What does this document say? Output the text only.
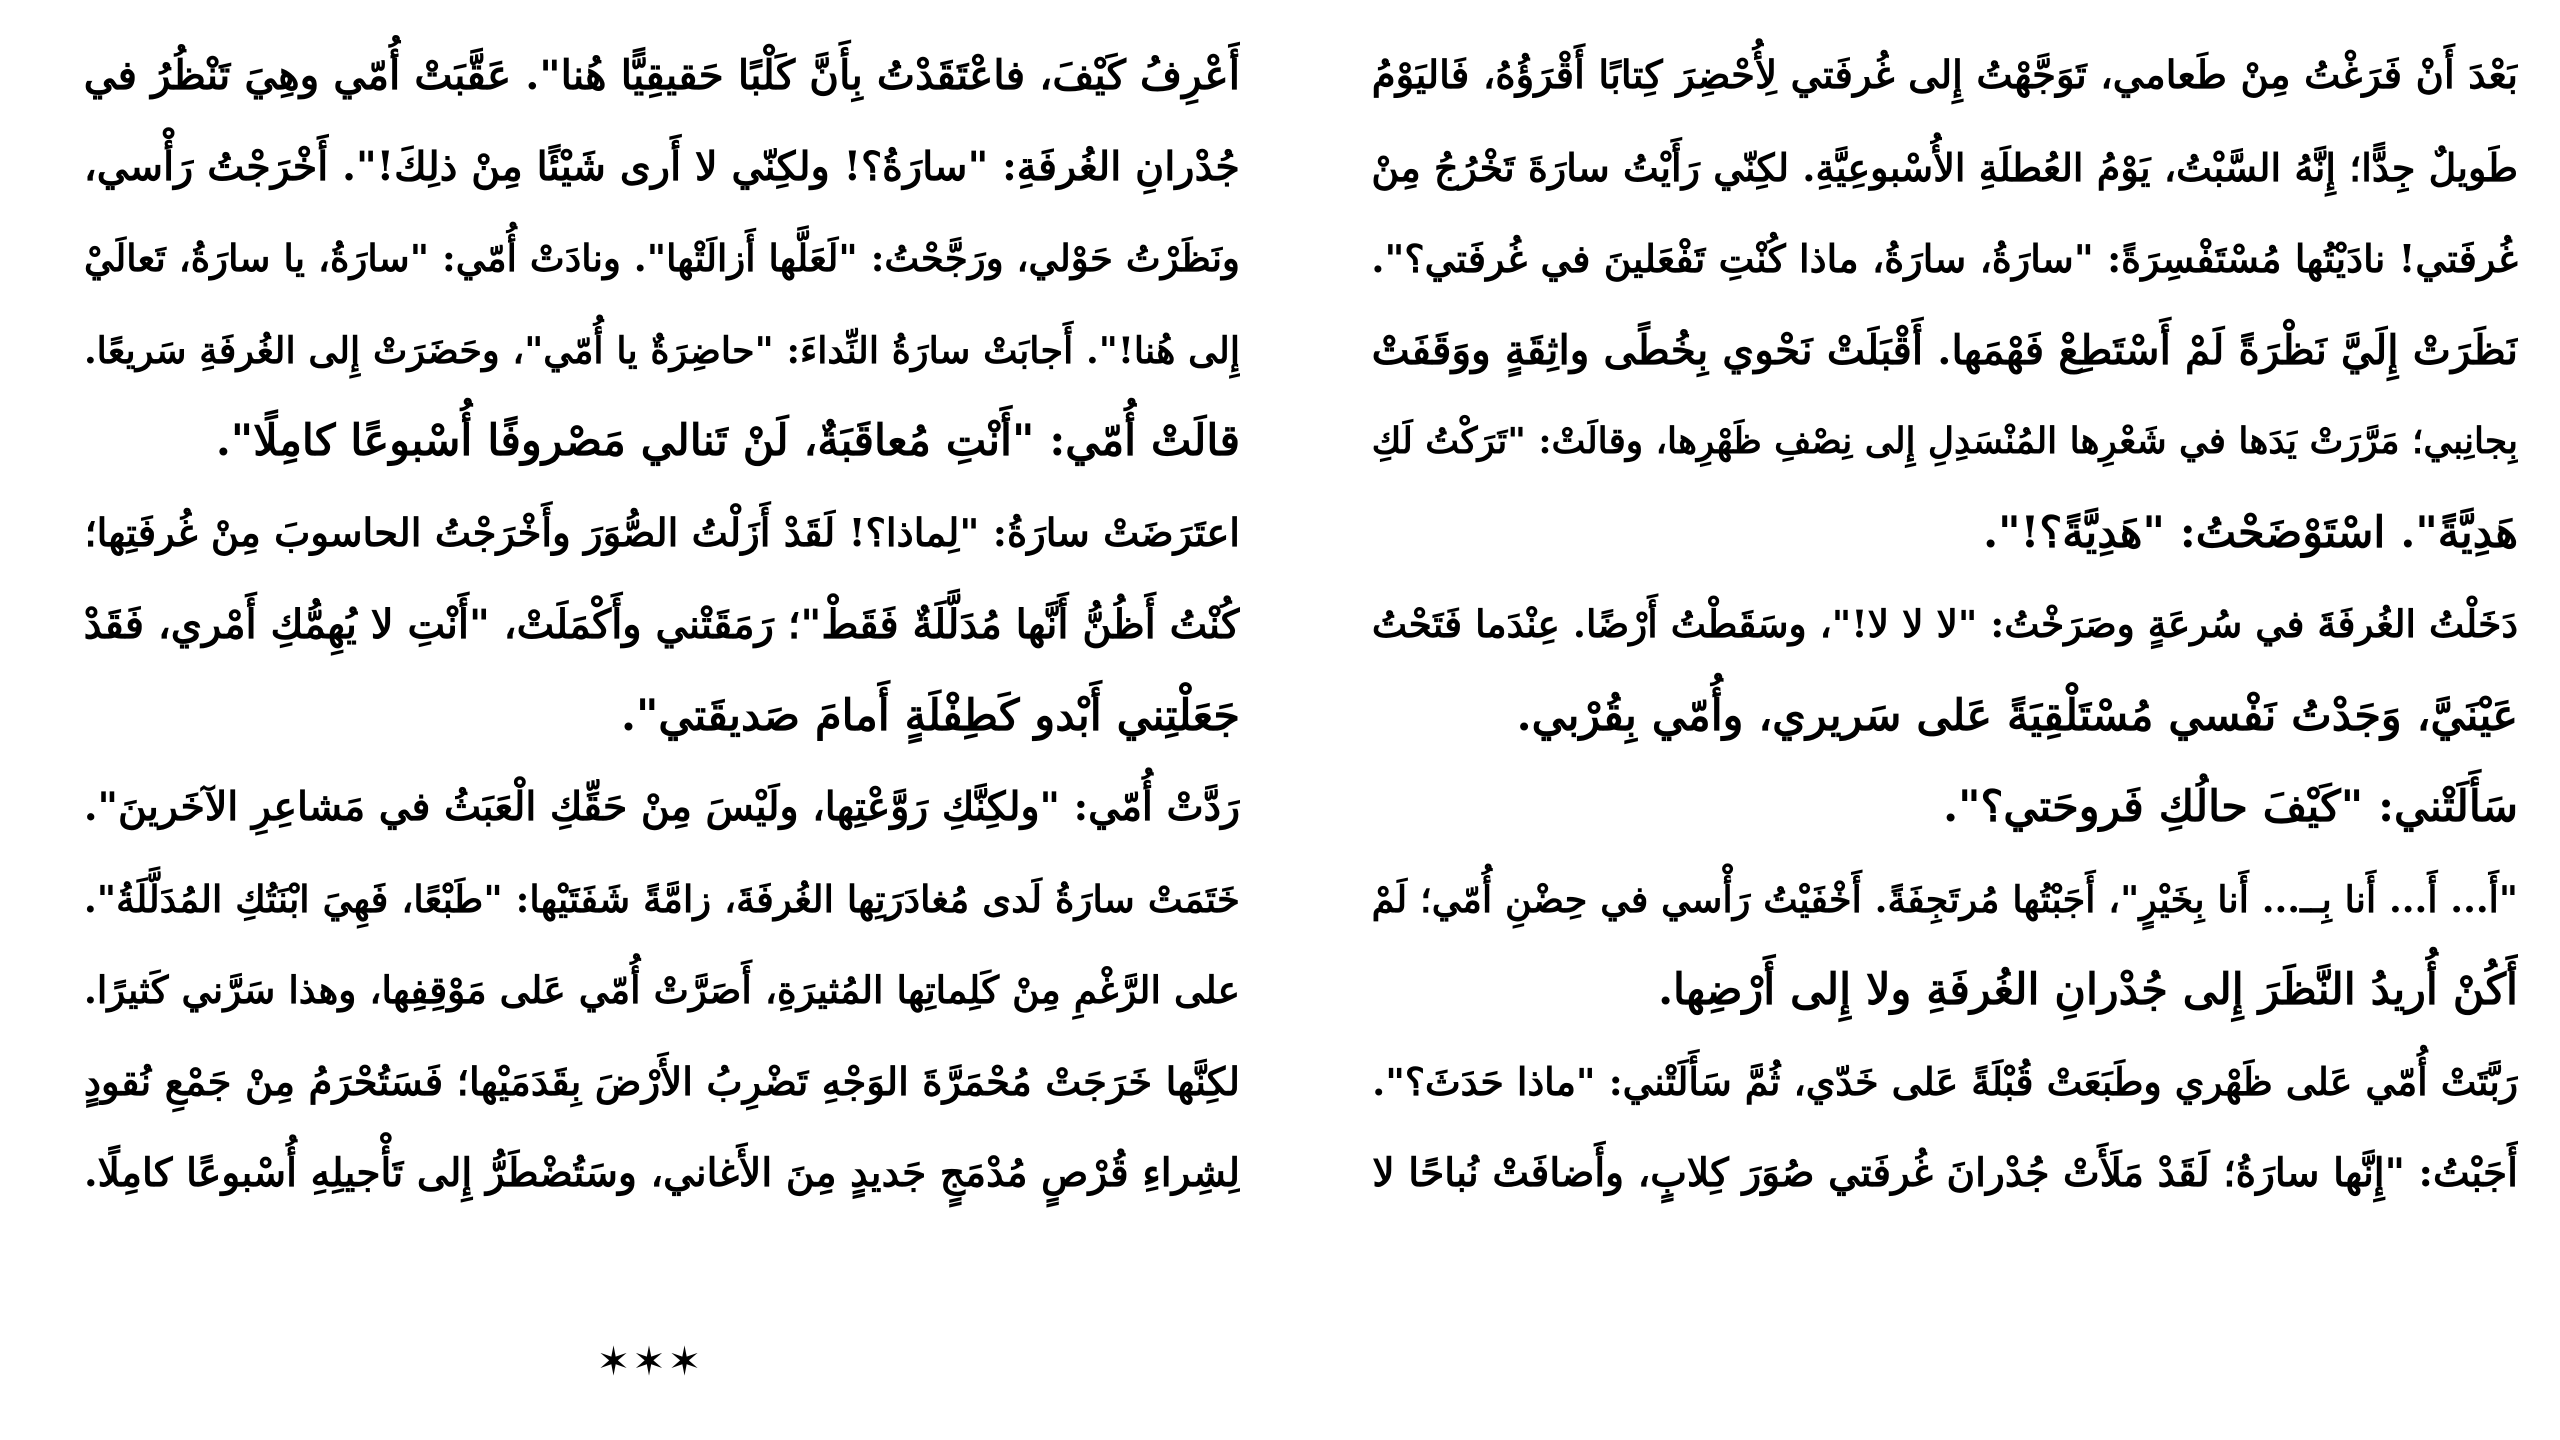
بَعْدَ أَنْ فَرَغْتُ مِنْ طَعامي، تَوَجَّهْتُ إِلى غُرفَتي لِأُحْضِرَ كِتابًا أَقْرَؤُهُ، فَاليَوْمُ
طَويلٌ جِدًّا؛ إِنَّهُ السَّبْتُ، يَوْمُ العُطلَةِ الأُسْبوعِيَّةِ. لكِنّي رَأَيْتُ سارَةَ تَخْرُجُ مِنْ
غُرفَتي! نادَيْتُها مُسْتَفْسِرَةً: "سارَةُ، سارَةُ، ماذا كُنْتِ تَفْعَلينَ في غُرفَتي؟".
نَظَرَتْ إِلَيَّ نَظْرَةً لَمْ أَسْتَطِعْ فَهْمَها. أَقْبَلَتْ نَحْوي بِخُطًى واثِقَةٍ ووَقَفَتْ
بِجانِبي؛ مَرَّرَتْ يَدَها في شَعْرِها المُنْسَدِلِ إِلى نِصْفِ ظَهْرِها، وقالَتْ: "تَرَكْتُ لَكِ
هَدِيَّةً". اسْتَوْضَحْتُ: "هَدِيَّةً؟!".
دَخَلْتُ الغُرفَةَ في سُرعَةٍ وصَرَخْتُ: "لا لا لا!"، وسَقَطْتُ أَرْضًا. عِنْدَما فَتَحْتُ
عَيْنَيَّ، وَجَدْتُ نَفْسي مُسْتَلْقِيَةً عَلى سَريري، وأُمّي بِقُرْبي.
سَأَلَتْني: "كَيْفَ حالُكِ فَروحَتي؟".
"أَ... أَ... أَنا بِــ... أَنا بِخَيْرٍ"، أَجَبْتُها مُرتَجِفَةً. أَخْفَيْتُ رَأْسي في حِضْنِ أُمّي؛ لَمْ
أَكُنْ أُريدُ النَّظَرَ إِلى جُدْرانِ الغُرفَةِ ولا إِلى أَرْضِها.
رَبَّتَتْ أُمّي عَلى ظَهْري وطَبَعَتْ قُبْلَةً عَلى خَدّي، ثُمَّ سَأَلَتْني: "ماذا حَدَثَ؟".
أَجَبْتُ: "إِنَّها سارَةُ؛ لَقَدْ مَلَأَتْ جُدْرانَ غُرفَتي صُوَرَ كِلابٍ، وأَضافَتْ نُباحًا لا
أَعْرِفُ كَيْفَ، فاعْتَقَدْتُ بِأَنَّ كَلْبًا حَقيقِيًّا هُنا". عَقَّبَتْ أُمّي وهِيَ تَنْظُرُ في
جُدْرانِ الغُرفَةِ: "سارَةُ؟! ولكِنّي لا أَرى شَيْئًا مِنْ ذلِكَ!". أَخْرَجْتُ رَأْسي،
ونَظَرْتُ حَوْلي، ورَجَّحْتُ: "لَعَلَّها أَزالَتْها". ونادَتْ أُمّي: "سارَةُ، يا سارَةُ، تَعالَيْ
إِلى هُنا!". أَجابَتْ سارَةُ النِّداءَ: "حاضِرَةٌ يا أُمّي"، وحَضَرَتْ إِلى الغُرفَةِ سَريعًا.
قالَتْ أُمّي: "أَنْتِ مُعاقَبَةٌ، لَنْ تَنالي مَصْروفًا أُسْبوعًا كامِلًا".
اعتَرَضَتْ سارَةُ: "لِماذا؟! لَقَدْ أَزَلْتُ الصُّوَرَ وأَخْرَجْتُ الحاسوبَ مِنْ غُرفَتِها؛
كُنْتُ أَظُنُّ أَنَّها مُدَلَّلَةٌ فَقَطْ"؛ رَمَقَتْني وأَكْمَلَتْ، "أَنْتِ لا يُهِمُّكِ أَمْري، فَقَدْ
جَعَلْتِني أَبْدو كَطِفْلَةٍ أَمامَ صَديقَتي".
رَدَّتْ أُمّي: "ولكِنَّكِ رَوَّعْتِها، ولَيْسَ مِنْ حَقِّكِ الْعَبَثُ في مَشاعِرِ الآخَرينَ".
خَتَمَتْ سارَةُ لَدى مُغادَرَتِها الغُرفَةَ، زامَّةً شَفَتَيْها: "طَبْعًا، فَهِيَ ابْنَتُكِ المُدَلَّلَةُ".
على الرَّغْمِ مِنْ كَلِماتِها المُثيرَةِ، أَصَرَّتْ أُمّي عَلى مَوْقِفِها، وهذا سَرَّني كَثيرًا.
لكِنَّها خَرَجَتْ مُحْمَرَّةَ الوَجْهِ تَضْرِبُ الأَرْضَ بِقَدَمَيْها؛ فَسَتُحْرَمُ مِنْ جَمْعِ نُقودٍ
لِشِراءِ قُرْصٍ مُدْمَجٍ جَديدٍ مِنَ الأَغاني، وسَتُضْطَرُّ إِلى تَأْجيلِهِ أُسْبوعًا كامِلًا.
✶✶✶
